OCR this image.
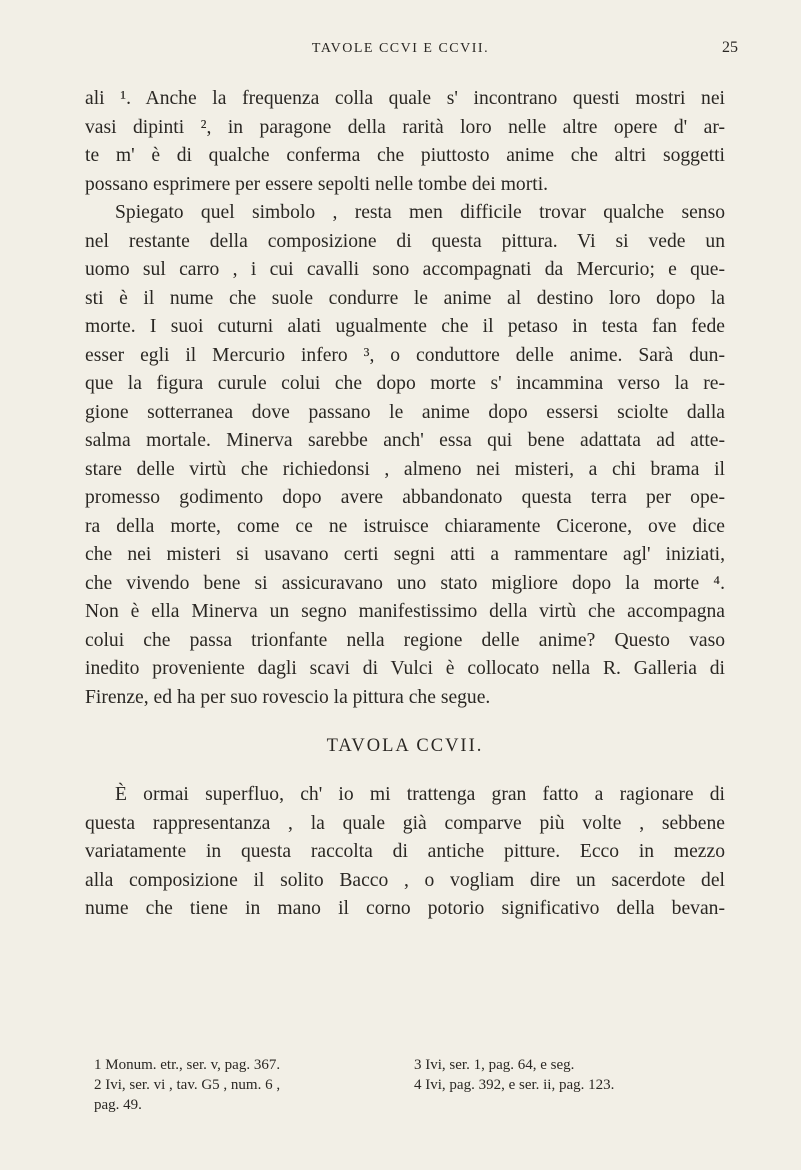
TAVOLE CCVI E CCVII.	25
ali ¹. Anche la frequenza colla quale s' incontrano questi mostri nei
vasi dipinti ², in paragone della rarità loro nelle altre opere d' ar-
te m' è di qualche conferma che piuttosto anime che altri soggetti
possano esprimere per essere sepolti nelle tombe dei morti.
Spiegato quel simbolo , resta men difficile trovar qualche senso
nel restante della composizione di questa pittura. Vi si vede un
uomo sul carro , i cui cavalli sono accompagnati da Mercurio; e que-
sti è il nume che suole condurre le anime al destino loro dopo la
morte. I suoi cuturni alati ugualmente che il petaso in testa fan fede
esser egli il Mercurio infero ³, o conduttore delle anime. Sarà dun-
que la figura curule colui che dopo morte s' incammina verso la re-
gione sotterranea dove passano le anime dopo essersi sciolte dalla
salma mortale. Minerva sarebbe anch' essa qui bene adattata ad atte-
stare delle virtù che richiedonsi , almeno nei misteri, a chi brama il
promesso godimento dopo avere abbandonato questa terra per ope-
ra della morte, come ce ne istruisce chiaramente Cicerone, ove dice
che nei misteri si usavano certi segni atti a rammentare agl' iniziati,
che vivendo bene si assicuravano uno stato migliore dopo la morte ⁴.
Non è ella Minerva un segno manifestissimo della virtù che accompagna
colui che passa trionfante nella regione delle anime? Questo vaso
inedito proveniente dagli scavi di Vulci è collocato nella R. Galleria di
Firenze, ed ha per suo rovescio la pittura che segue.
TAVOLA CCVII.
È ormai superfluo, ch' io mi trattenga gran fatto a ragionare di
questa rappresentanza , la quale già comparve più volte , sebbene
variatamente in questa raccolta di antiche pitture. Ecco in mezzo
alla composizione il solito Bacco , o vogliam dire un sacerdote del
nume che tiene in mano il corno potorio significativo della bevan-
1 Monum. etr., ser. v, pag. 367.
2 Ivi, ser. vi , tav. G5 , num. 6 ,
pag. 49.
3 Ivi, ser. 1, pag. 64, e seg.
4 Ivi, pag. 392, e ser. ii, pag. 123.
